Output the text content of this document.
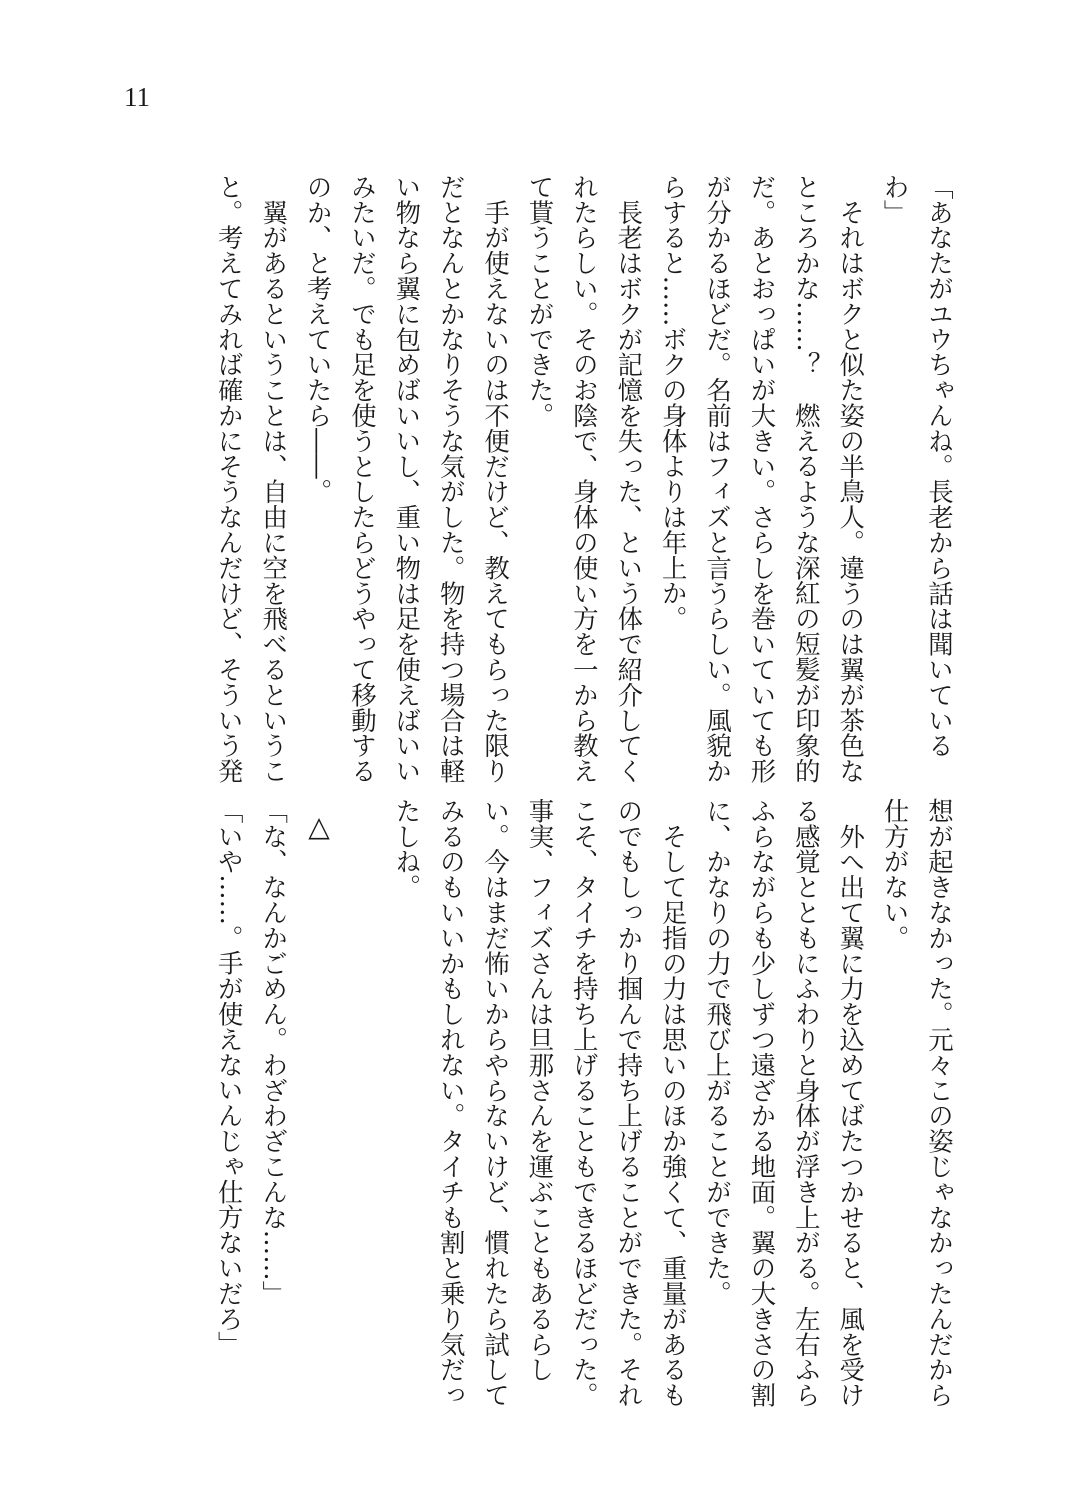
11
「あなたがユウちゃんね。長老から話は聞いている
わ」
　それはボクと似た姿の半鳥人。違うのは翼が茶色な
ところかな……？　燃えるような深紅の短髪が印象的
だ。あとおっぱいが大きい。さらしを巻いていても形
が分かるほどだ。名前はフィズと言うらしい。風貌か
らすると……ボクの身体よりは年上か。
　長老はボクが記憶を失った、という体で紹介してく
れたらしい。そのお陰で、身体の使い方を一から教え
て貰うことができた。
　手が使えないのは不便だけど、教えてもらった限り
だとなんとかなりそうな気がした。物を持つ場合は軽
い物なら翼に包めばいいし、重い物は足を使えばいい
みたいだ。でも足を使うとしたらどうやって移動する
のか、と考えていたら――。
　翼があるということは、自由に空を飛べるというこ
と。考えてみれば確かにそうなんだけど、そういう発
想が起きなかった。元々この姿じゃなかったんだから
仕方がない。
　外へ出て翼に力を込めてばたつかせると、風を受け
る感覚とともにふわりと身体が浮き上がる。左右ふら
ふらながらも少しずつ遠ざかる地面。翼の大きさの割
に、かなりの力で飛び上がることができた。
　そして足指の力は思いのほか強くて、重量があるも
のでもしっかり掴んで持ち上げることができた。それ
こそ、タイチを持ち上げることもできるほどだった。
事実、フィズさんは旦那さんを運ぶこともあるらし
い。今はまだ怖いからやらないけど、慣れたら試して
みるのもいいかもしれない。タイチも割と乗り気だっ
たしね。
△
「な、なんかごめん。わざわざこんな……」
「いや……。手が使えないんじゃ仕方ないだろ」
